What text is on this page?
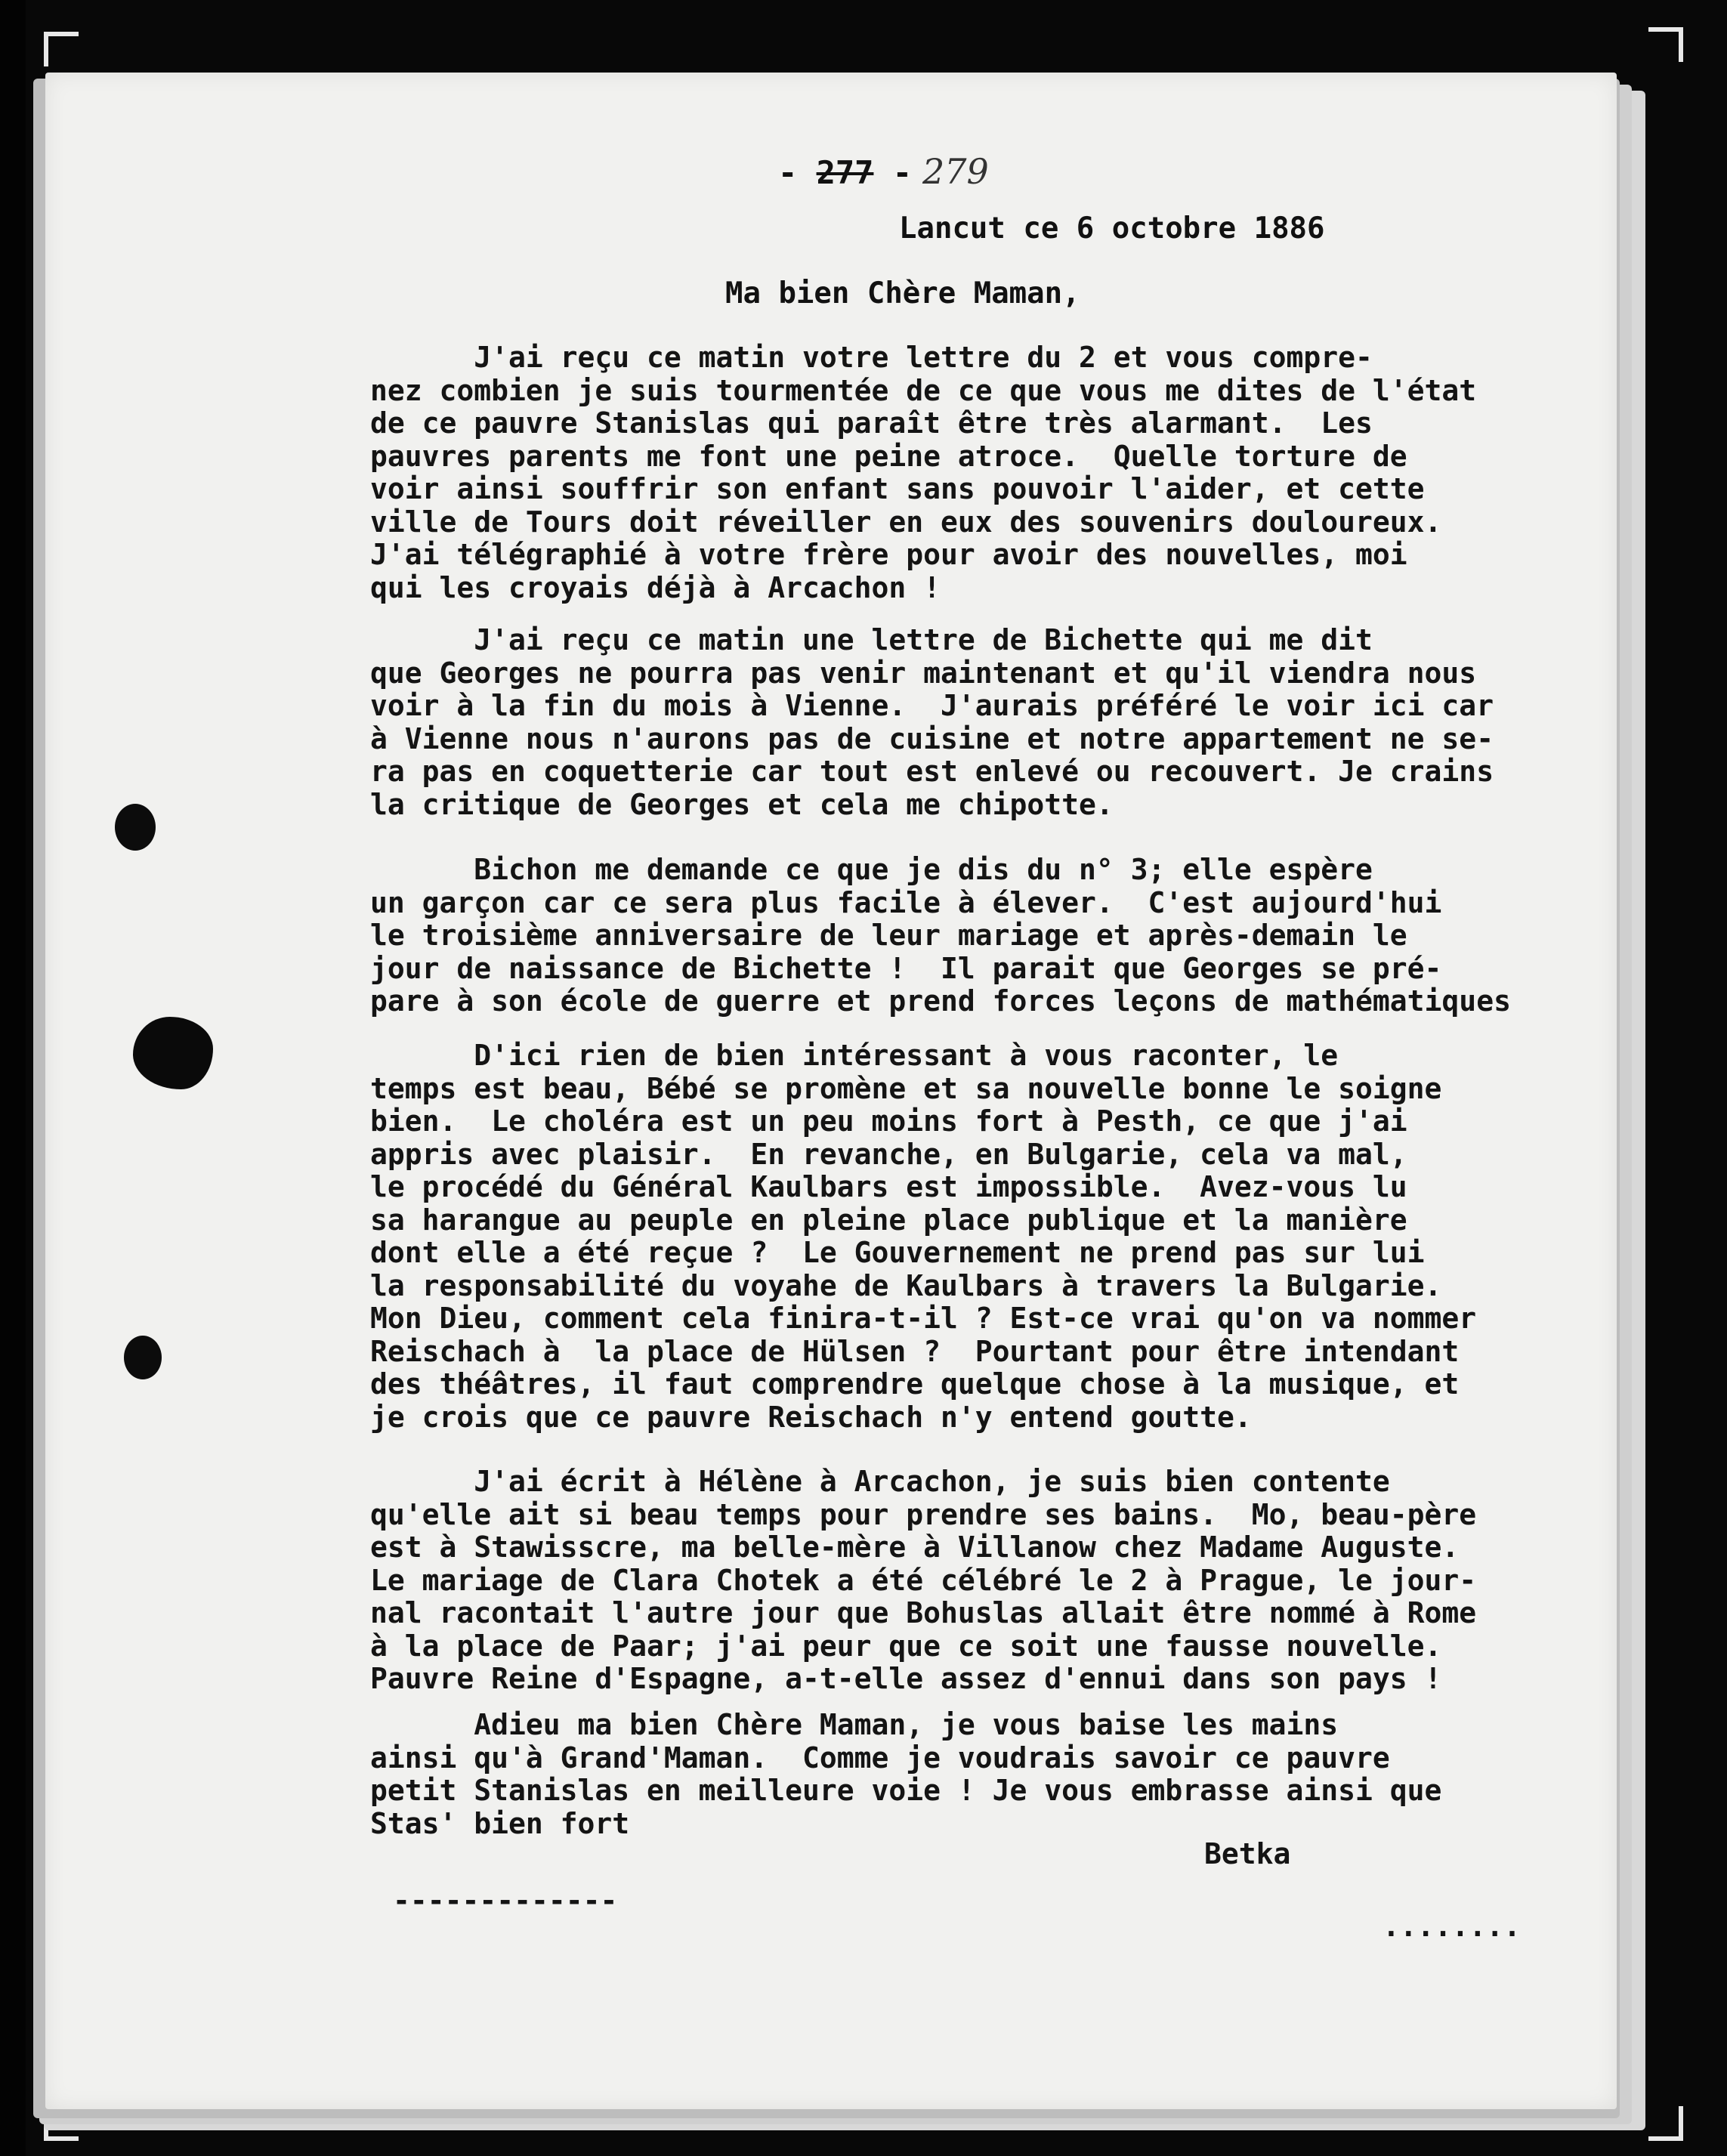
- 277 - 279
Lancut ce 6 octobre 1886
Ma bien Chère Maman,
J'ai reçu ce matin votre lettre du 2 et vous compre-
nez combien je suis tourmentée de ce que vous me dites de l'état
de ce pauvre Stanislas qui paraît être très alarmant.  Les
pauvres parents me font une peine atroce.  Quelle torture de
voir ainsi souffrir son enfant sans pouvoir l'aider, et cette
ville de Tours doit réveiller en eux des souvenirs douloureux.
J'ai télégraphié à votre frère pour avoir des nouvelles, moi
qui les croyais déjà à Arcachon !
J'ai reçu ce matin une lettre de Bichette qui me dit
que Georges ne pourra pas venir maintenant et qu'il viendra nous
voir à la fin du mois à Vienne.  J'aurais préféré le voir ici car
à Vienne nous n'aurons pas de cuisine et notre appartement ne se-
ra pas en coquetterie car tout est enlevé ou recouvert. Je crains
la critique de Georges et cela me chipotte.
Bichon me demande ce que je dis du n° 3; elle espère
un garçon car ce sera plus facile à élever.  C'est aujourd'hui
le troisième anniversaire de leur mariage et après-demain le
jour de naissance de Bichette !  Il parait que Georges se pré-
pare à son école de guerre et prend forces leçons de mathématiques
D'ici rien de bien intéressant à vous raconter, le
temps est beau, Bébé se promène et sa nouvelle bonne le soigne
bien.  Le choléra est un peu moins fort à Pesth, ce que j'ai
appris avec plaisir.  En revanche, en Bulgarie, cela va mal,
le procédé du Général Kaulbars est impossible.  Avez-vous lu
sa harangue au peuple en pleine place publique et la manière
dont elle a été reçue ?  Le Gouvernement ne prend pas sur lui
la responsabilité du voyahe de Kaulbars à travers la Bulgarie.
Mon Dieu, comment cela finira-t-il ? Est-ce vrai qu'on va nommer
Reischach à  la place de Hülsen ?  Pourtant pour être intendant
des théâtres, il faut comprendre quelque chose à la musique, et
je crois que ce pauvre Reischach n'y entend goutte.
J'ai écrit à Hélène à Arcachon, je suis bien contente
qu'elle ait si beau temps pour prendre ses bains.  Mo, beau-père
est à Stawisscre, ma belle-mère à Villanow chez Madame Auguste.
Le mariage de Clara Chotek a été célébré le 2 à Prague, le jour-
nal racontait l'autre jour que Bohuslas allait être nommé à Rome
à la place de Paar; j'ai peur que ce soit une fausse nouvelle.
Pauvre Reine d'Espagne, a-t-elle assez d'ennui dans son pays !
Adieu ma bien Chère Maman, je vous baise les mains
ainsi qu'à Grand'Maman.  Comme je voudrais savoir ce pauvre
petit Stanislas en meilleure voie ! Je vous embrasse ainsi que
Stas' bien fort
Betka
-------------
........
